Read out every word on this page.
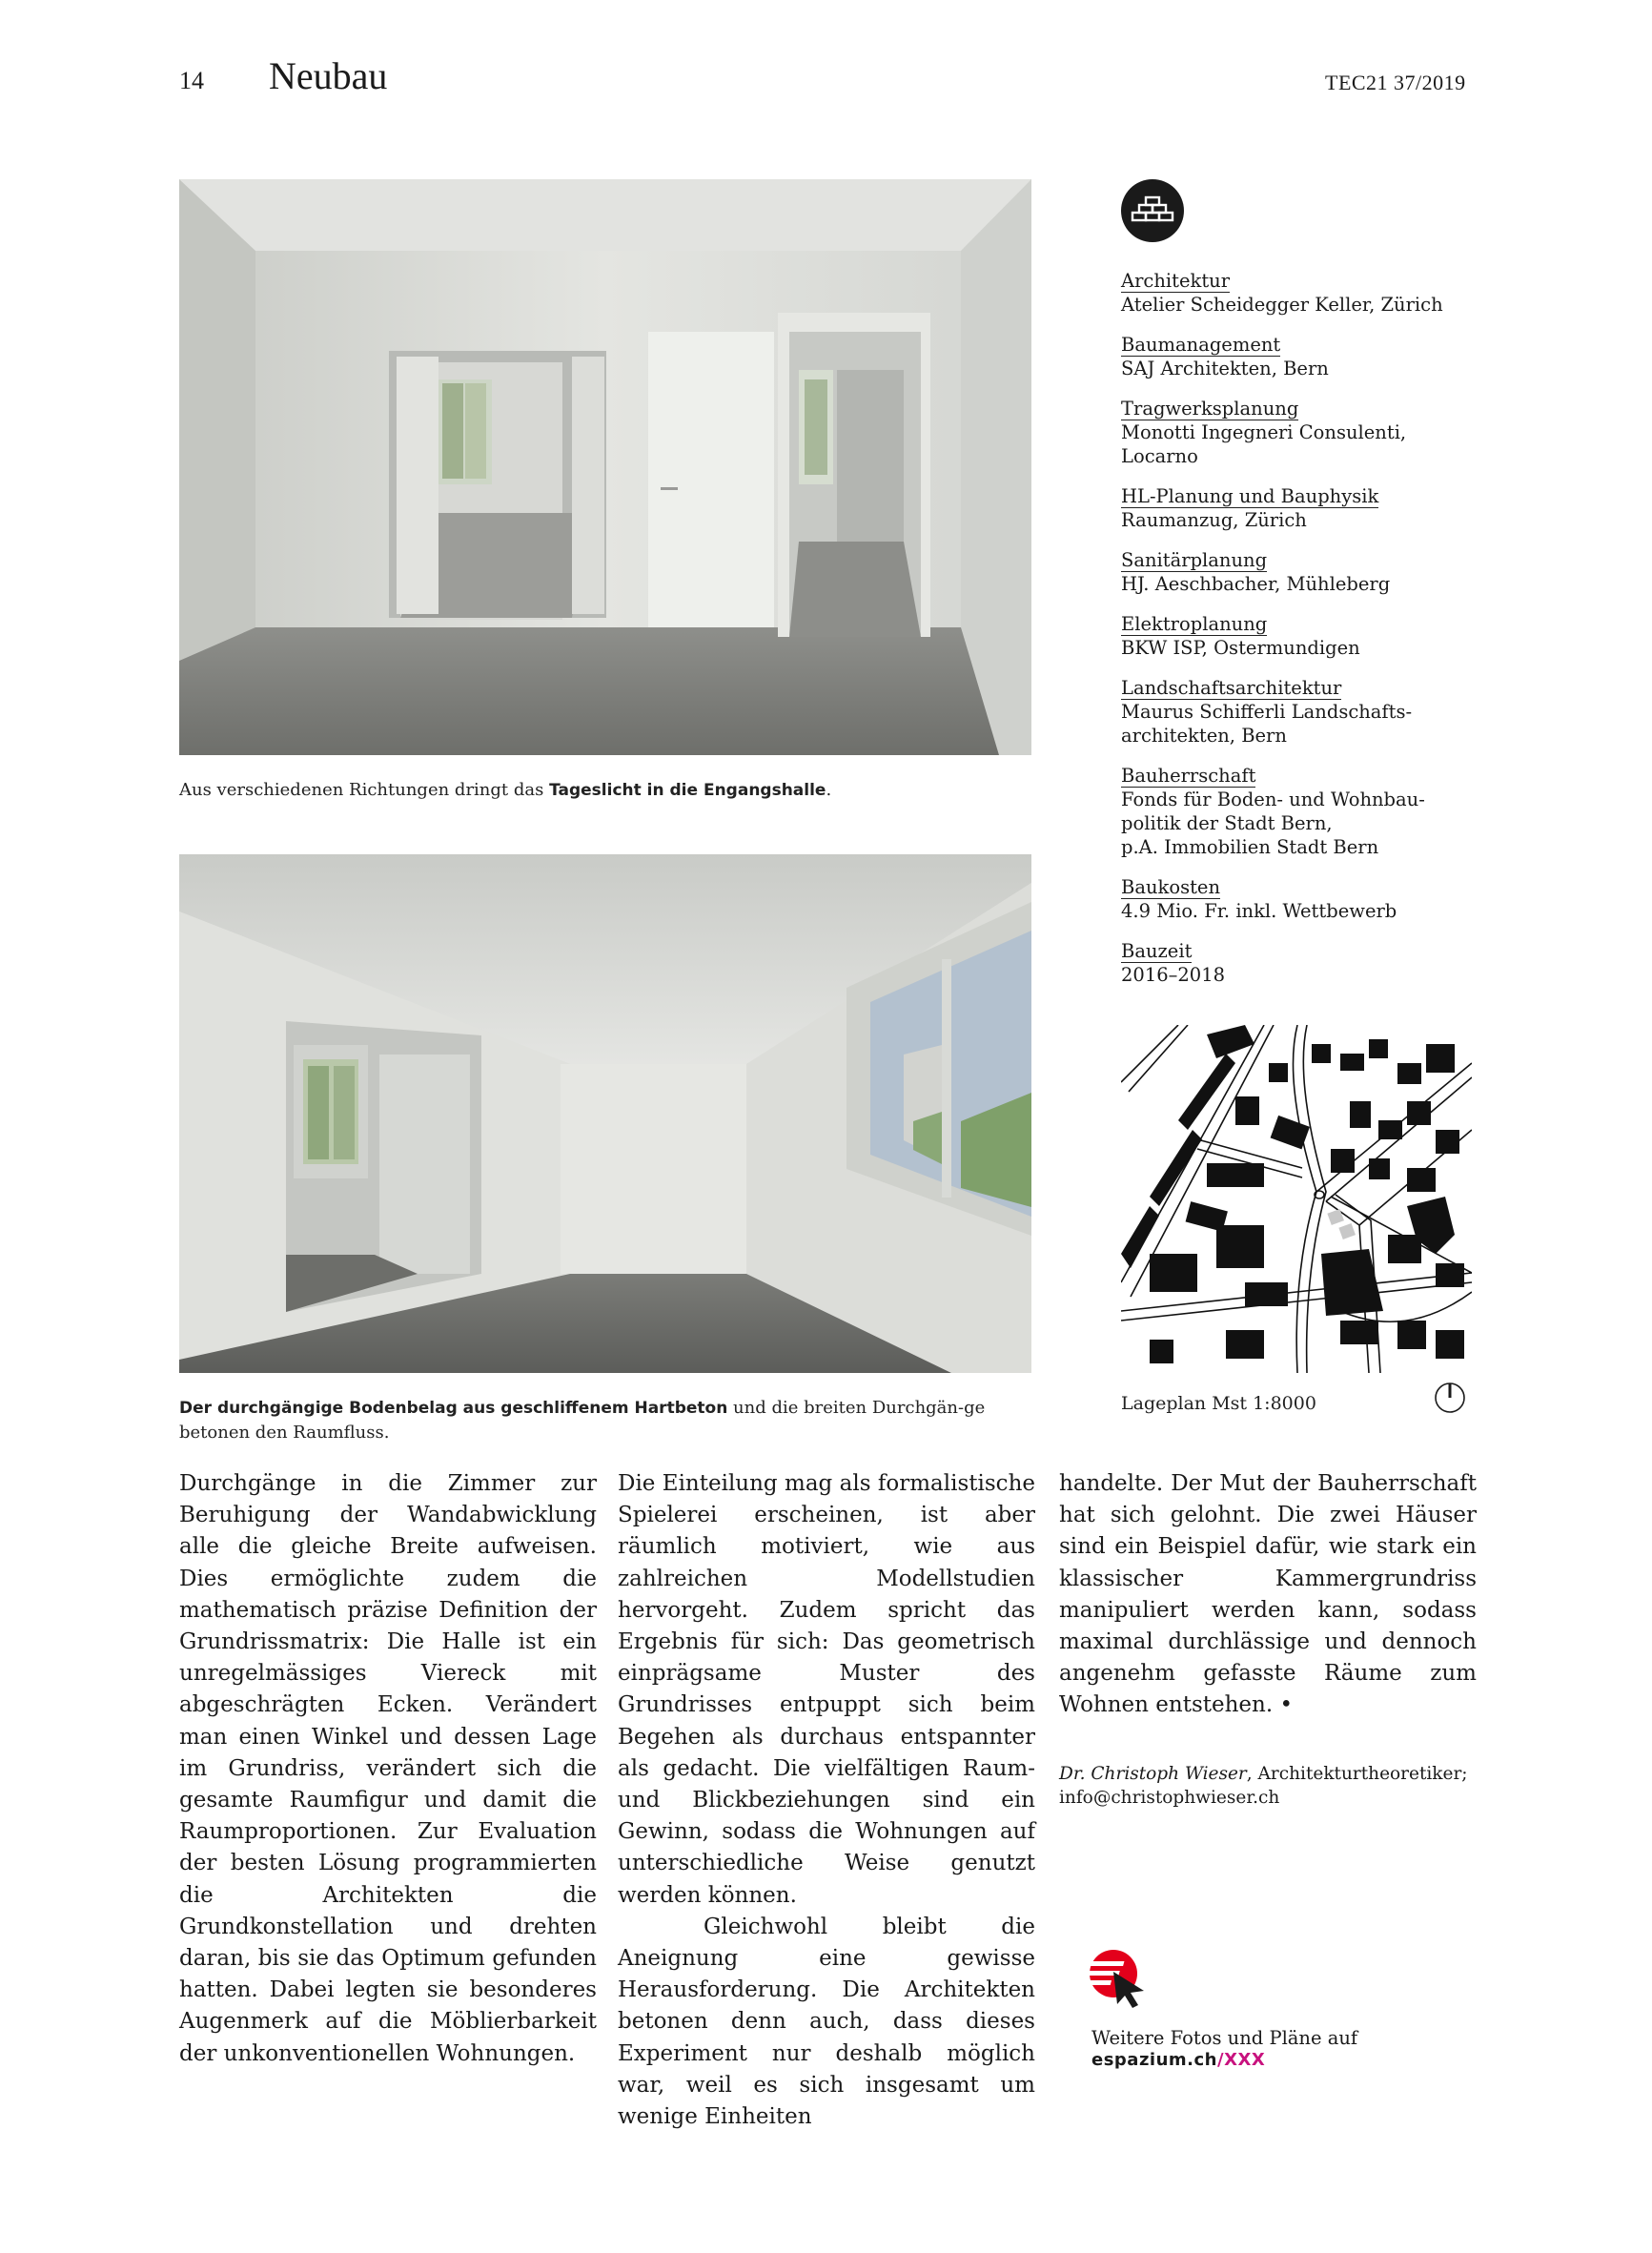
14 Neubau	TEC21 37/2019
Aus verschiedenen Richtungen dringt das Tageslicht in die Engangshalle.
Der durchgängige Bodenbelag aus geschliffenem Hartbeton und die breiten Durchgän-ge betonen den Raumfluss.
Architektur
Atelier Scheidegger Keller, Zürich
Baumanagement
SAJ Architekten, Bern
Tragwerksplanung
Monotti Ingegneri Consulenti,
Locarno
HL-Planung und Bauphysik
Raumanzug, Zürich
Sanitärplanung
HJ. Aeschbacher, Mühleberg
Elektroplanung
BKW ISP, Ostermundigen
Landschaftsarchitektur
Maurus Schifferli Landschafts-
architekten, Bern
Bauherrschaft
Fonds für Boden- und Wohnbau-
politik der Stadt Bern,
p.A. Immobilien Stadt Bern
Baukosten
4.9 Mio. Fr. inkl. Wettbewerb
Bauzeit
2016–2018
Lageplan Mst 1:8000

Durchgänge in die Zimmer zur Beruhigung der Wandabwicklung alle die gleiche Breite aufweisen. Dies ermöglichte zudem die mathematisch präzise Definition der Grundrissmatrix: Die Halle ist ein unregelmässiges Viereck mit abgeschrägten Ecken. Verändert man einen Winkel und dessen Lage im Grundriss, verändert sich die gesamte Raumfigur und damit die Raumproportionen. Zur Evaluation der besten Lösung programmierten die Architekten die Grundkonstellation und drehten daran, bis sie das Optimum gefunden hatten. Dabei legten sie besonderes Augenmerk auf die Möblierbarkeit der unkonventionellen Wohnungen.

Die Einteilung mag als formalistische Spielerei erscheinen, ist aber räumlich motiviert, wie aus zahlreichen Modellstudien hervorgeht. Zudem spricht das Ergebnis für sich: Das geometrisch einprägsame Muster des Grundrisses entpuppt sich beim Begehen als durchaus entspannter als gedacht. Die vielfältigen Raum- und Blickbeziehungen sind ein Gewinn, sodass die Wohnungen auf unterschiedliche Weise genutzt werden können.

Gleichwohl bleibt die Aneignung eine gewisse Herausforderung. Die Architekten betonen denn auch, dass dieses Experiment nur deshalb möglich war, weil es sich insgesamt um wenige Einheiten

handelte. Der Mut der Bauherrschaft hat sich gelohnt. Die zwei Häuser sind ein Beispiel dafür, wie stark ein klassischer Kammergrundriss manipuliert werden kann, sodass maximal durchlässige und dennoch angenehm gefasste Räume zum Wohnen entstehen. •

Dr. Christoph Wieser, Architekturtheoretiker; info@christophwieser.ch
Weitere Fotos und Pläne auf
espazium.ch/XXX
